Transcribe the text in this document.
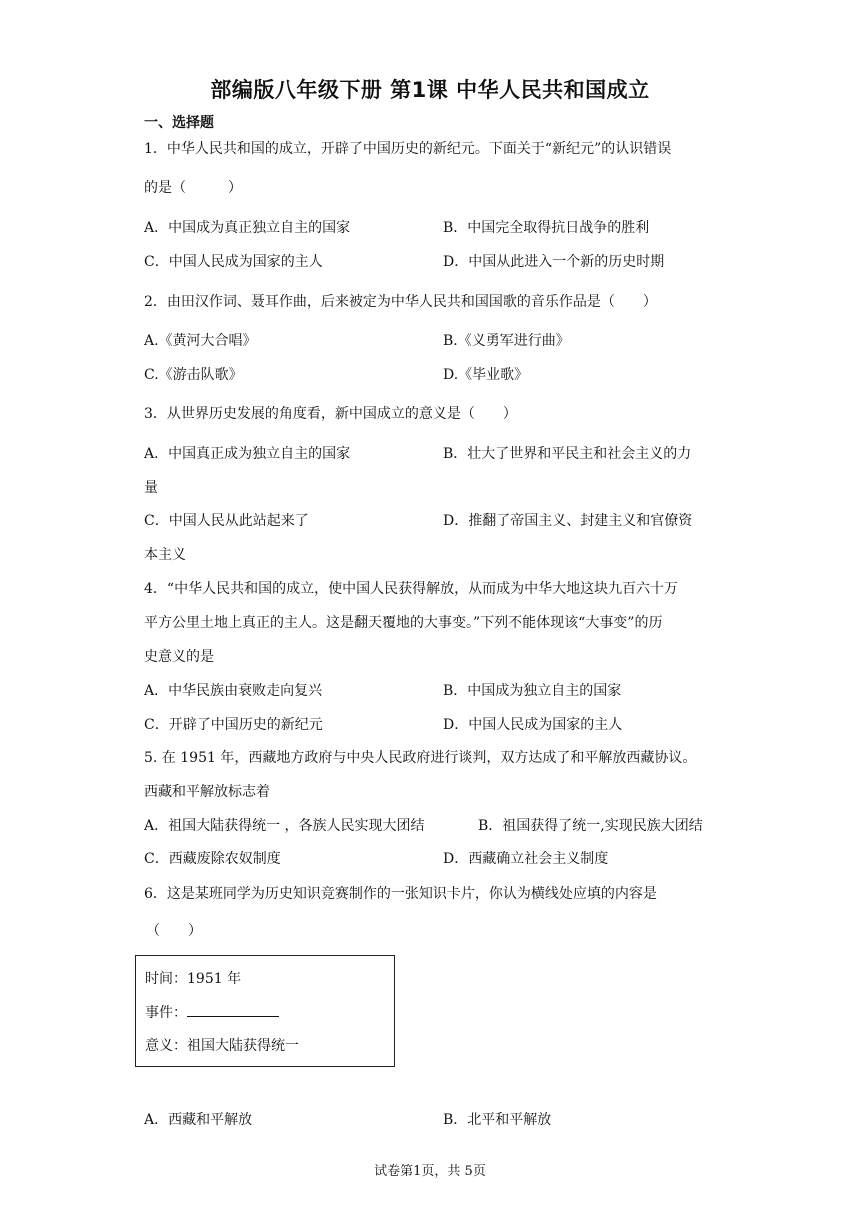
部编版八年级下册 第1课 中华人民共和国成立
一、选择题
1．中华人民共和国的成立，开辟了中国历史的新纪元。下面关于“新纪元”的认识错误
的是（　　　）
A．中国成为真正独立自主的国家	B．中国完全取得抗日战争的胜利
C．中国人民成为国家的主人	D．中国从此进入一个新的历史时期
2．由田汉作词、聂耳作曲，后来被定为中华人民共和国国歌的音乐作品是（　　）
A.《黄河大合唱》	B.《义勇军进行曲》
C.《游击队歌》	D.《毕业歌》
3．从世界历史发展的角度看，新中国成立的意义是（　　）
A．中国真正成为独立自主的国家	B．壮大了世界和平民主和社会主义的力
量
C．中国人民从此站起来了	D．推翻了帝国主义、封建主义和官僚资
本主义
4．“中华人民共和国的成立，使中国人民获得解放，从而成为中华大地这块九百六十万
平方公里土地上真正的主人。这是翻天覆地的大事变。”下列不能体现该“大事变”的历
史意义的是
A．中华民族由衰败走向复兴	B．中国成为独立自主的国家
C．开辟了中国历史的新纪元	D．中国人民成为国家的主人
5. 在 1951 年，西藏地方政府与中央人民政府进行谈判，双方达成了和平解放西藏协议。
西藏和平解放标志着
A．祖国大陆获得统一 ，各族人民实现大团结	B．祖国获得了统一,实现民族大团结
C．西藏废除农奴制度	D．西藏确立社会主义制度
6．这是某班同学为历史知识竞赛制作的一张知识卡片，你认为横线处应填的内容是
（　　）
时间：1951 年
事件：
意义：祖国大陆获得统一
A．西藏和平解放	B．北平和平解放
试卷第1页，共 5页
